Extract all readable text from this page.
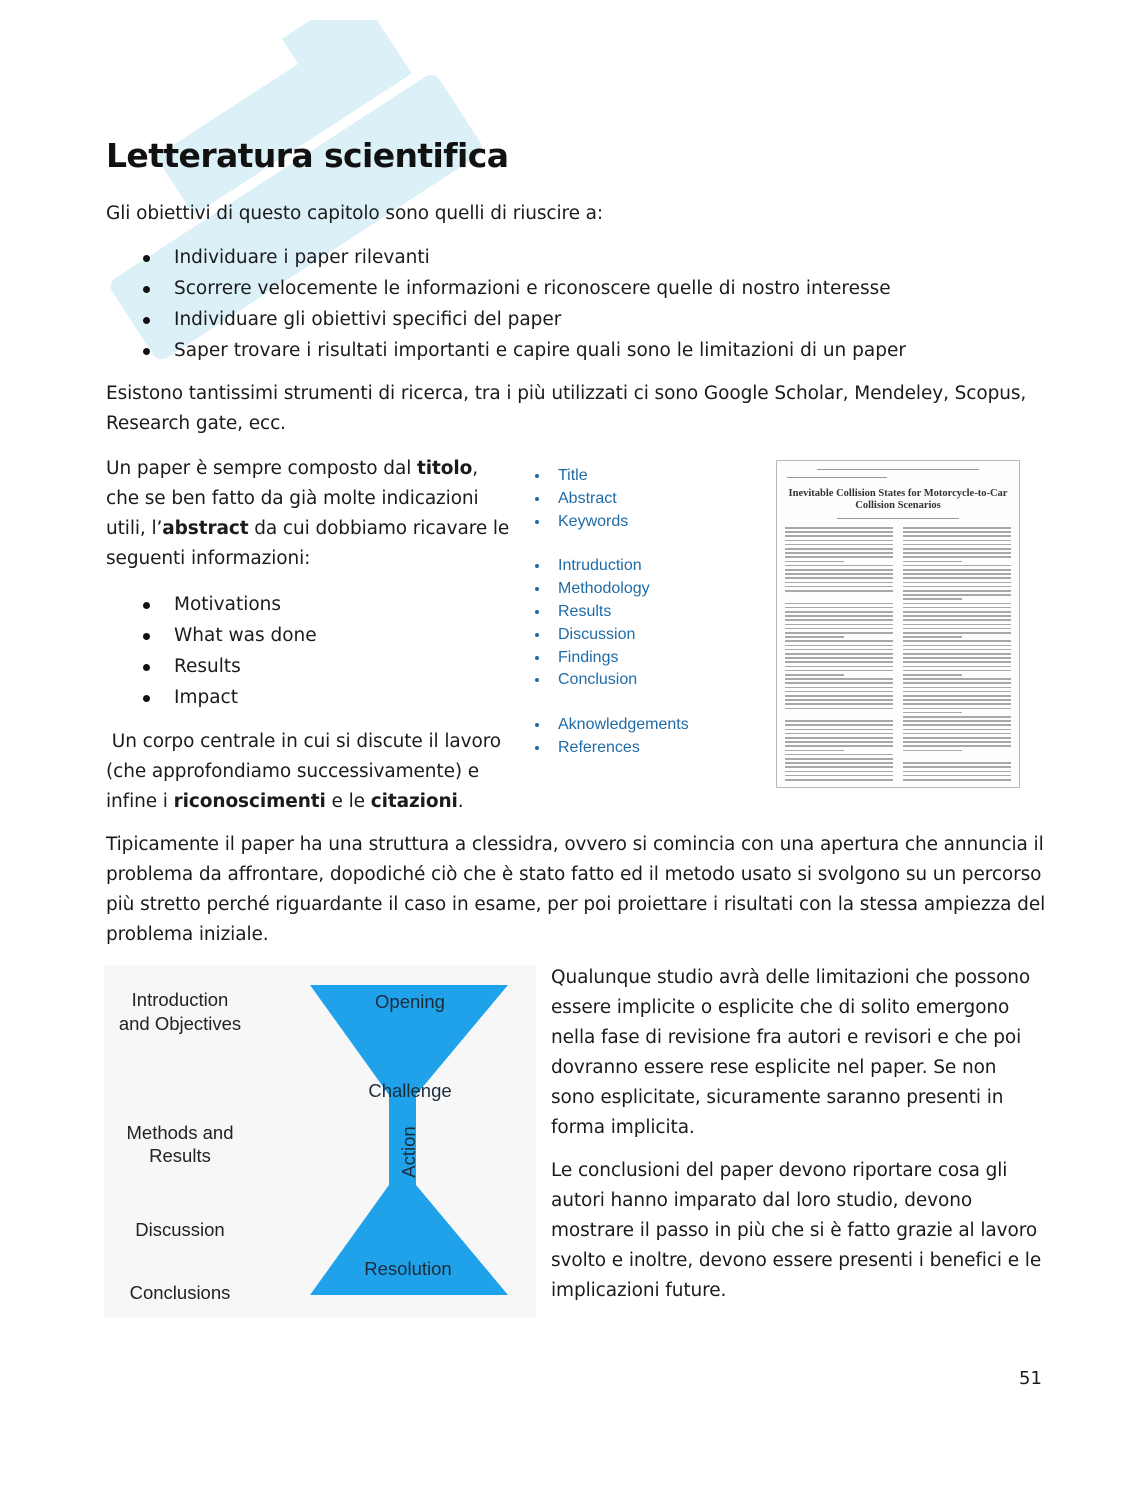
Letteratura scientifica
Gli obiettivi di questo capitolo sono quelli di riuscire a:
Individuare i paper rilevanti
Scorrere velocemente le informazioni e riconoscere quelle di nostro interesse
Individuare gli obiettivi specifici del paper
Saper trovare i risultati importanti e capire quali sono le limitazioni di un paper
Esistono tantissimi strumenti di ricerca, tra i più utilizzati ci sono Google Scholar, Mendeley, Scopus,
Research gate, ecc.
Un paper è sempre composto dal titolo,
che se ben fatto da già molte indicazioni
utili, l’abstract da cui dobbiamo ricavare le
seguenti informazioni:
Motivations
What was done
Results
Impact
Un corpo centrale in cui si discute il lavoro
(che approfondiamo successivamente) e
infine i riconoscimenti e le citazioni.
Title
Abstract
Keywords
Intruduction
Methodology
Results
Discussion
Findings
Conclusion
Aknowledgements
References
Inevitable Collision States for Motorcycle-to-Car Collision Scenarios
Tipicamente il paper ha una struttura a clessidra, ovvero si comincia con una apertura che annuncia il
problema da affrontare, dopodiché ciò che è stato fatto ed il metodo usato si svolgono su un percorso
più stretto perché riguardante il caso in esame, per poi proiettare i risultati con la stessa ampiezza del
problema iniziale.
Introduction
and Objectives
Methods and
Results
Discussion
Conclusions
Opening
Challenge
Action
Resolution
Qualunque studio avrà delle limitazioni che possono
essere implicite o esplicite che di solito emergono
nella fase di revisione fra autori e revisori e che poi
dovranno essere rese esplicite nel paper. Se non
sono esplicitate, sicuramente saranno presenti in
forma implicita.
Le conclusioni del paper devono riportare cosa gli
autori hanno imparato dal loro studio, devono
mostrare il passo in più che si è fatto grazie al lavoro
svolto e inoltre, devono essere presenti i benefici e le
implicazioni future.
51
